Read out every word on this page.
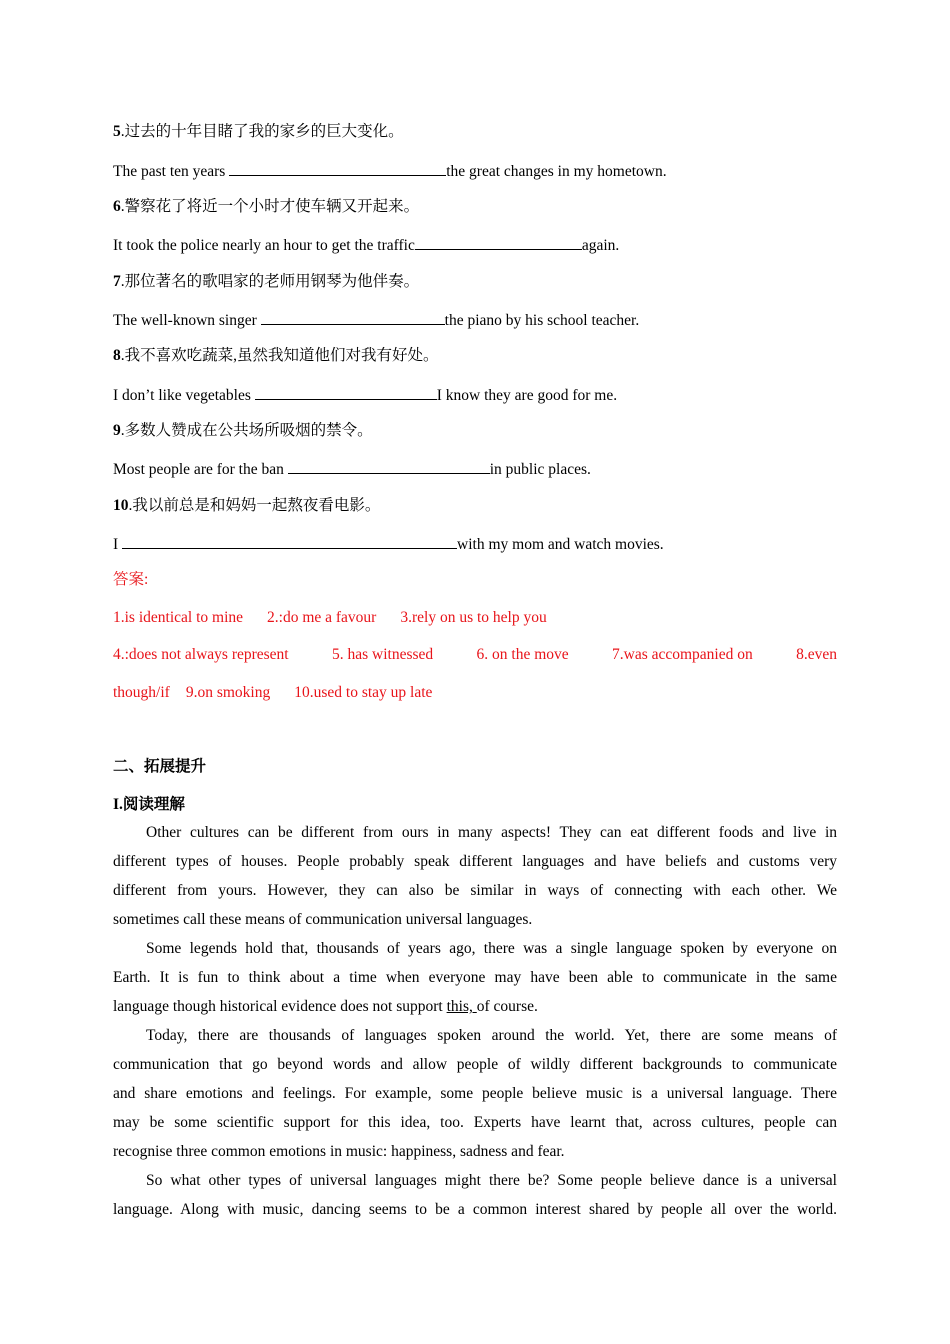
5.过去的十年目睹了我的家乡的巨大变化。
The past ten years	the great changes in my hometown.
6.警察花了将近一个小时才使车辆又开起来。
It took the police nearly an hour to get the traffic	again.
7.那位著名的歌唱家的老师用钢琴为他伴奏。
The well-known singer	the piano by his school teacher.
8.我不喜欢吃蔬菜,虽然我知道他们对我有好处。
I don’t like vegetables	I know they are good for me.
9.多数人赞成在公共场所吸烟的禁令。
Most people are for the ban	in public places.
10.我以前总是和妈妈一起熬夜看电影。
I	with my mom and watch movies.
答案:
1.is identical to mine 2.:do me a favour 3.rely on us to help you
4.:does not always represent	5. has witnessed	6. on the move	7.was accompanied on	8.even
though/if 9.on smoking 10.used to stay up late
二、拓展提升
I.阅读理解
Other cultures can be different from ours in many aspects! They can eat different foods and live in
different types of houses. People probably speak different languages and have beliefs and customs very
different from yours. However, they can also be similar in ways of connecting with each other. We
sometimes call these means of communication universal languages.
Some legends hold that, thousands of years ago, there was a single language spoken by everyone on
Earth. It is fun to think about a time when everyone may have been able to communicate in the same
language though historical evidence does not support this, of course.
Today, there are thousands of languages spoken around the world. Yet, there are some means of
communication that go beyond words and allow people of wildly different backgrounds to communicate
and share emotions and feelings. For example, some people believe music is a universal language. There
may be some scientific support for this idea, too. Experts have learnt that, across cultures, people can
recognise three common emotions in music: happiness, sadness and fear.
So what other types of universal languages might there be? Some people believe dance is a universal
language. Along with music, dancing seems to be a common interest shared by people all over the world.
